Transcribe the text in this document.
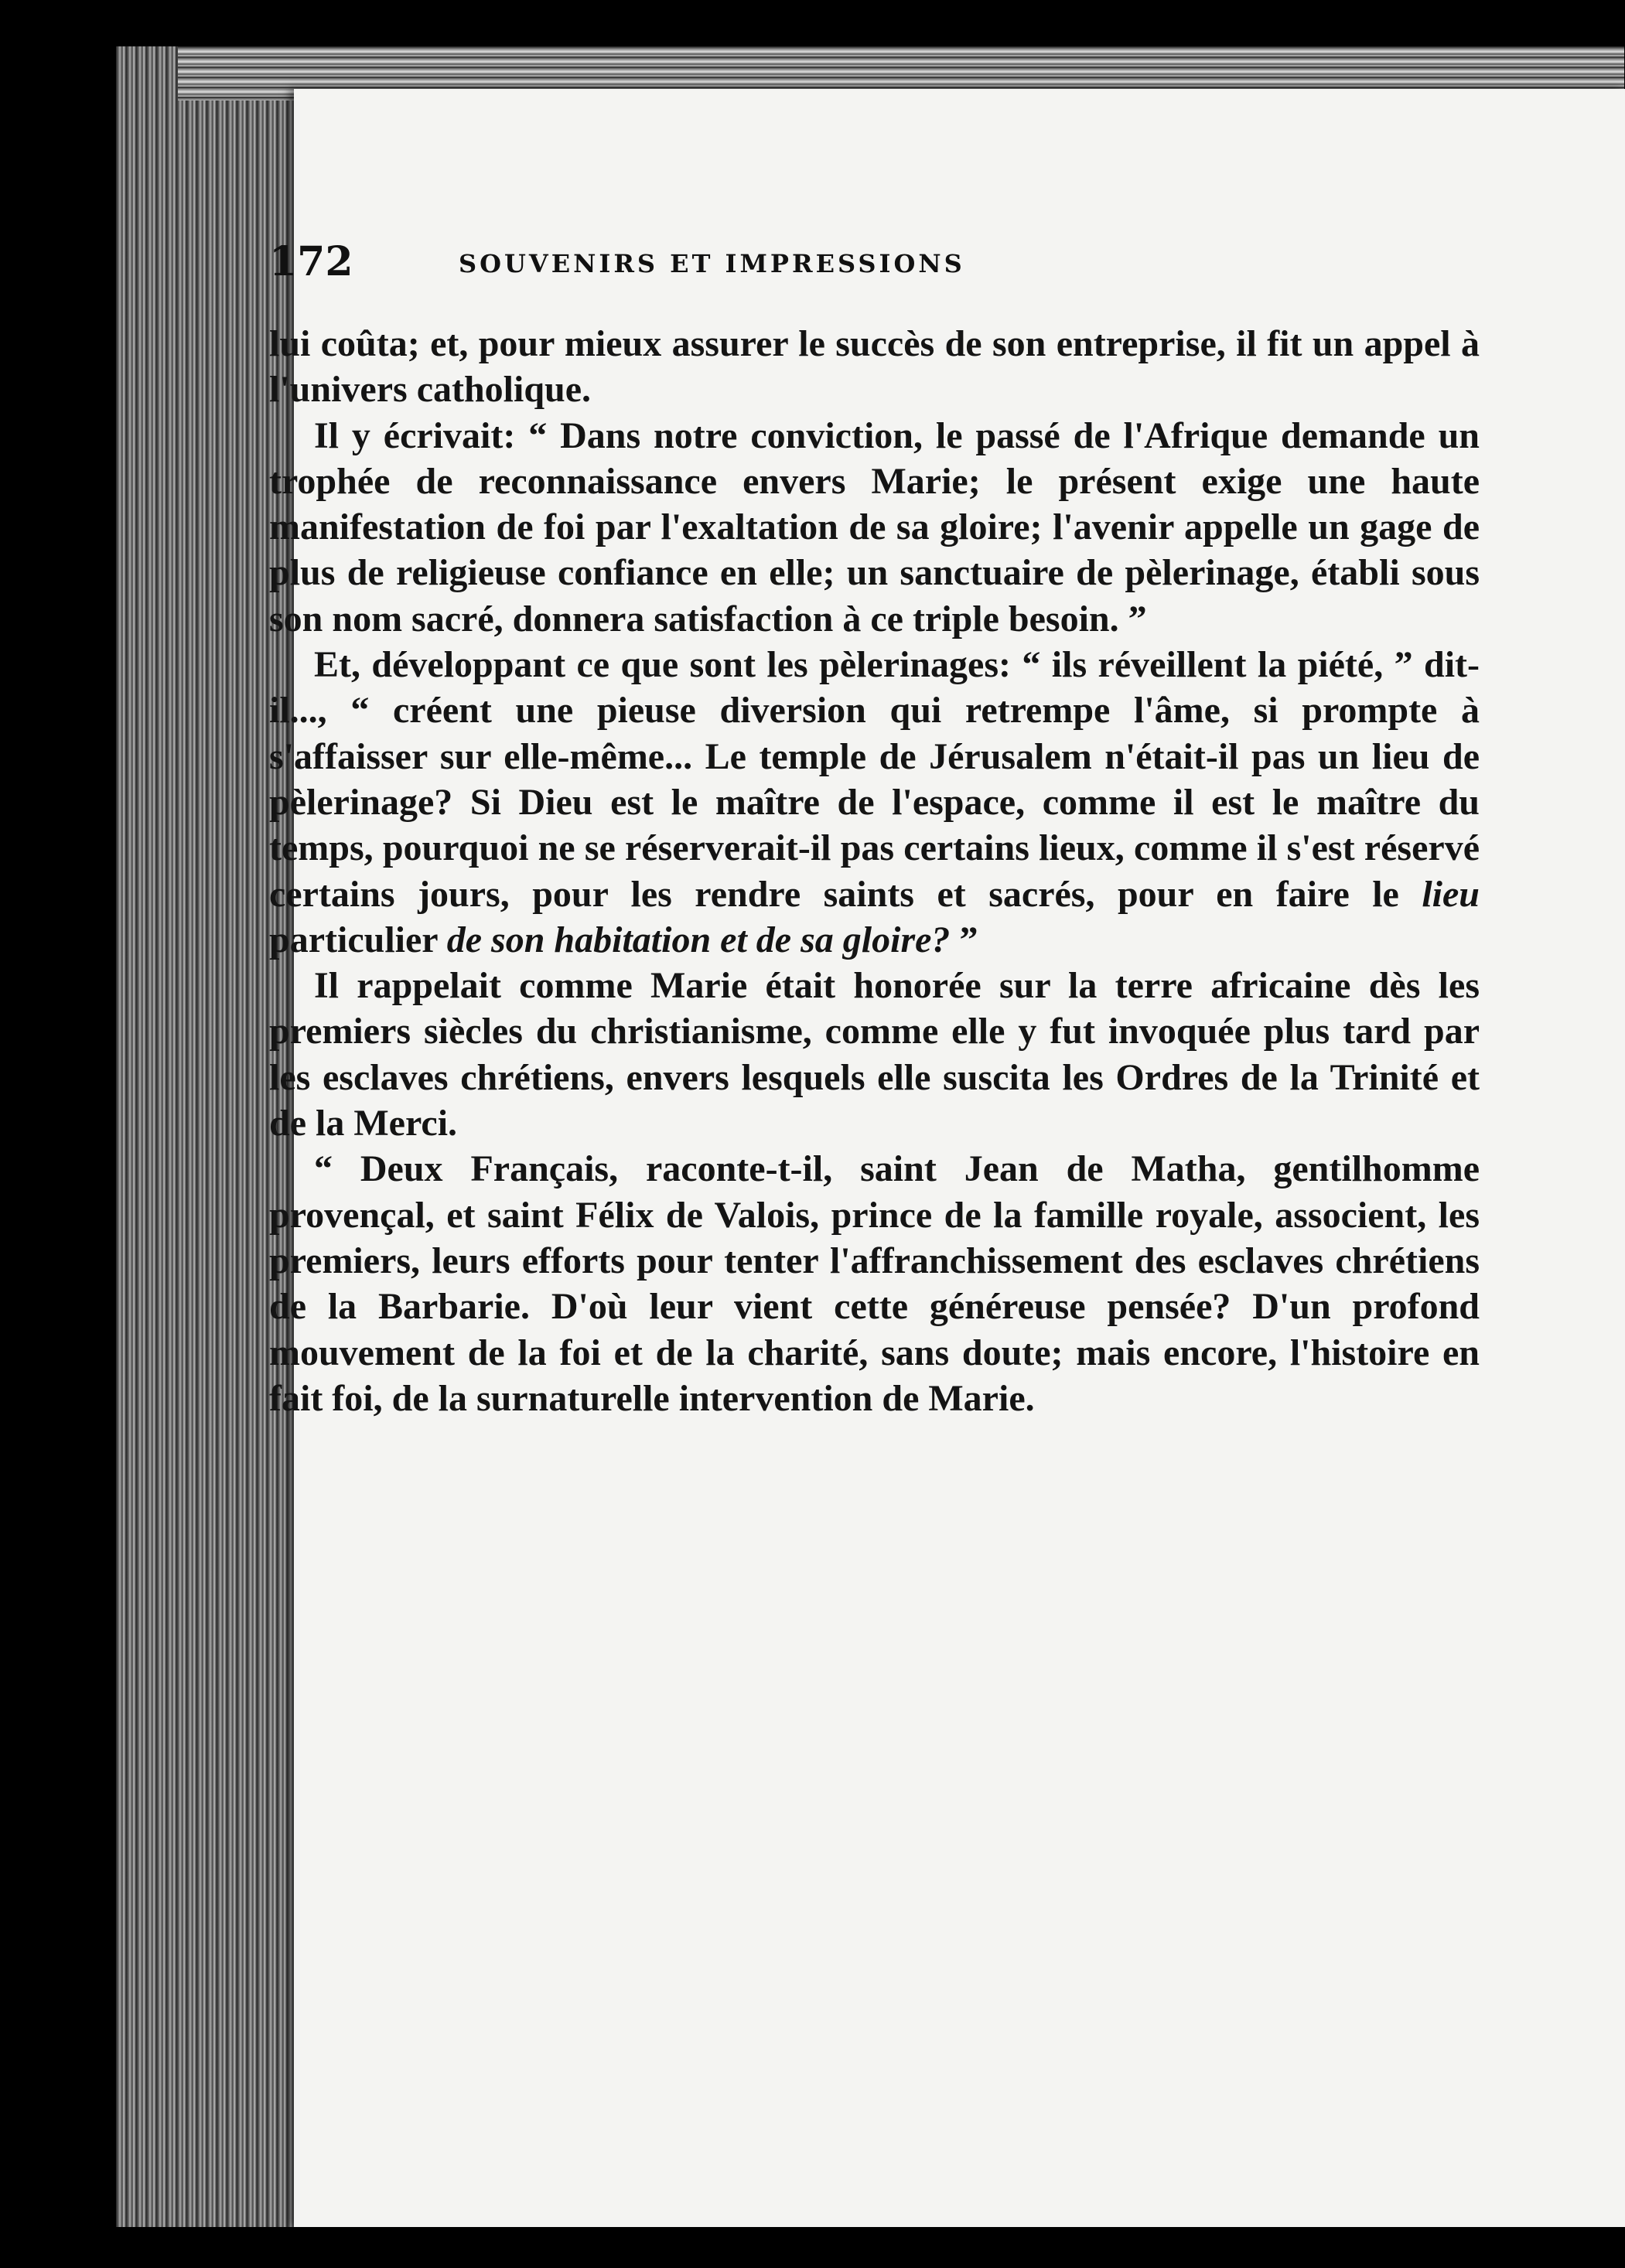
172	SOUVENIRS ET IMPRESSIONS

lui coûta; et, pour mieux assurer le succès de son entreprise, il fit un appel à l'univers catholique.

Il y écrivait: “ Dans notre conviction, le passé de l'Afrique demande un trophée de reconnaissance envers Marie; le présent exige une haute manifestation de foi par l'exaltation de sa gloire; l'avenir appelle un gage de plus de religieuse confiance en elle; un sanctuaire de pèlerinage, établi sous son nom sacré, donnera satisfaction à ce triple besoin. ”

Et, développant ce que sont les pèlerinages: “ ils réveillent la piété, ” dit-il..., “ créent une pieuse diversion qui retrempe l'âme, si prompte à s'affaisser sur elle-même... Le temple de Jérusalem n'était-il pas un lieu de pèlerinage? Si Dieu est le maître de l'espace, comme il est le maître du temps, pourquoi ne se réserverait-il pas certains lieux, comme il s'est réservé certains jours, pour les rendre saints et sacrés, pour en faire le lieu particulier de son habitation et de sa gloire? ”

Il rappelait comme Marie était honorée sur la terre africaine dès les premiers siècles du christianisme, comme elle y fut invoquée plus tard par les esclaves chrétiens, envers lesquels elle suscita les Ordres de la Trinité et de la Merci.

“ Deux Français, raconte-t-il, saint Jean de Matha, gentilhomme provençal, et saint Félix de Valois, prince de la famille royale, associent, les premiers, leurs efforts pour tenter l'affranchissement des esclaves chrétiens de la Barbarie. D'où leur vient cette généreuse pensée? D'un profond mouvement de la foi et de la charité, sans doute; mais encore, l'histoire en fait foi, de la surnaturelle intervention de Marie.
